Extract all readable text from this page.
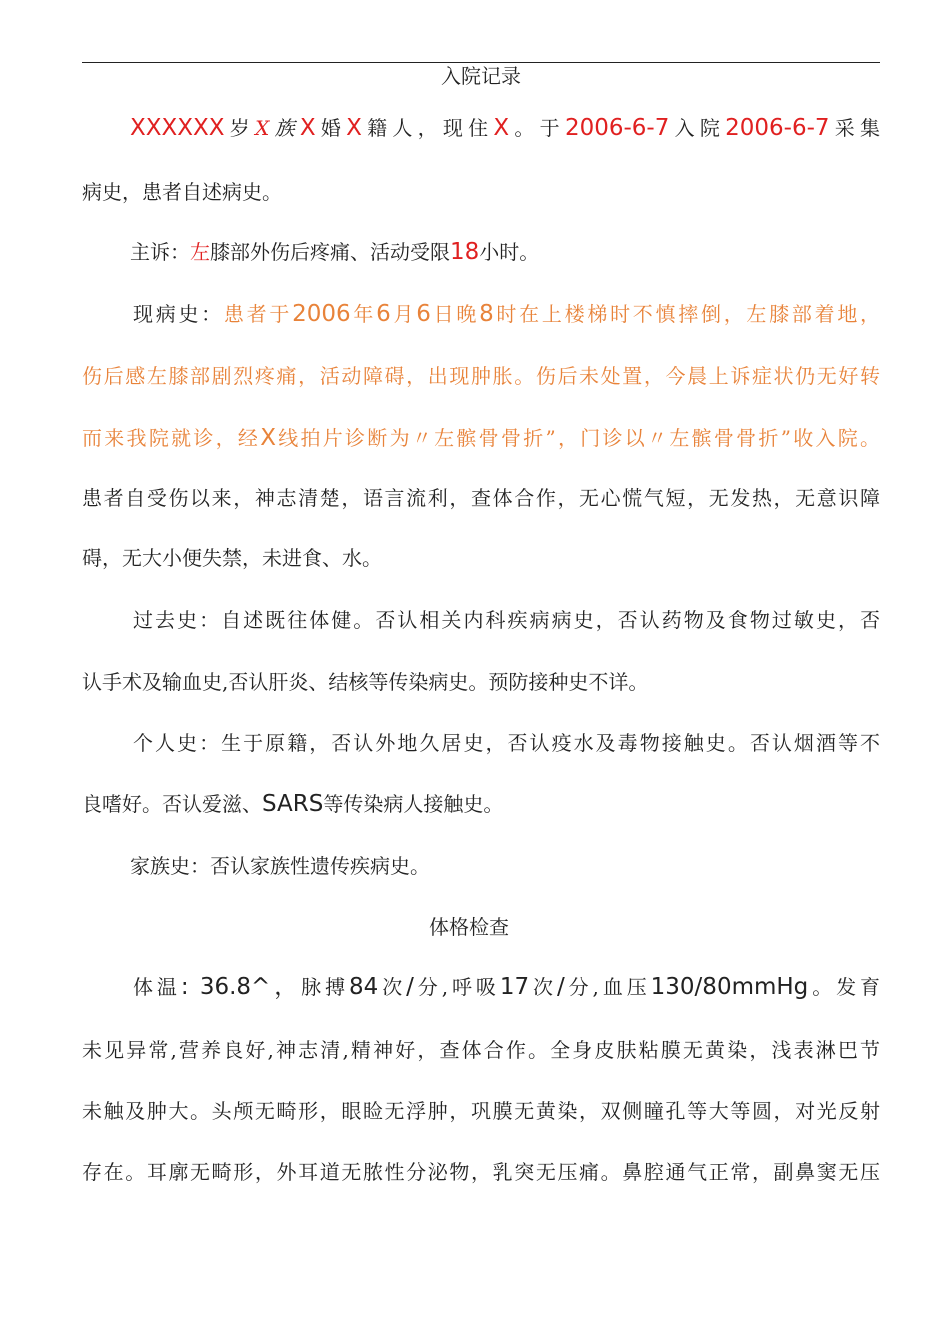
入院记录
XXXXXX岁X族X婚X籍人，现住X。于2006-6-7入院2006-6-7采集
病史，患者自述病史。
主诉：左膝部外伤后疼痛、活动受限18小时。
现病史：患者于2006年6月6日晚8时在上楼梯时不慎摔倒，左膝部着地，
伤后感左膝部剧烈疼痛，活动障碍，出现肿胀。伤后未处置，今晨上诉症状仍无好转
而来我院就诊，经X线拍片诊断为〃左髌骨骨折”，门诊以〃左髌骨骨折”收入院。
患者自受伤以来，神志清楚，语言流利，查体合作，无心慌气短，无发热，无意识障
碍，无大小便失禁，未进食、水。
过去史：自述既往体健。否认相关内科疾病病史，否认药物及食物过敏史，否
认手术及输血史,否认肝炎、结核等传染病史。预防接种史不详。
个人史：生于原籍，否认外地久居史，否认疫水及毒物接触史。否认烟酒等不
良嗜好。否认爱滋、SARS等传染病人接触史。
家族史：否认家族性遗传疾病史。
体格检查
体温: 36.8^，脉搏84次/分,呼吸17次/分,血压130/80mmHg。发育
未见异常,营养良好,神志清,精神好，查体合作。全身皮肤粘膜无黄染，浅表淋巴节
未触及肿大。头颅无畸形，眼睑无浮肿，巩膜无黄染，双侧瞳孔等大等圆，对光反射
存在。耳廓无畸形，外耳道无脓性分泌物，乳突无压痛。鼻腔通气正常，副鼻窦无压
